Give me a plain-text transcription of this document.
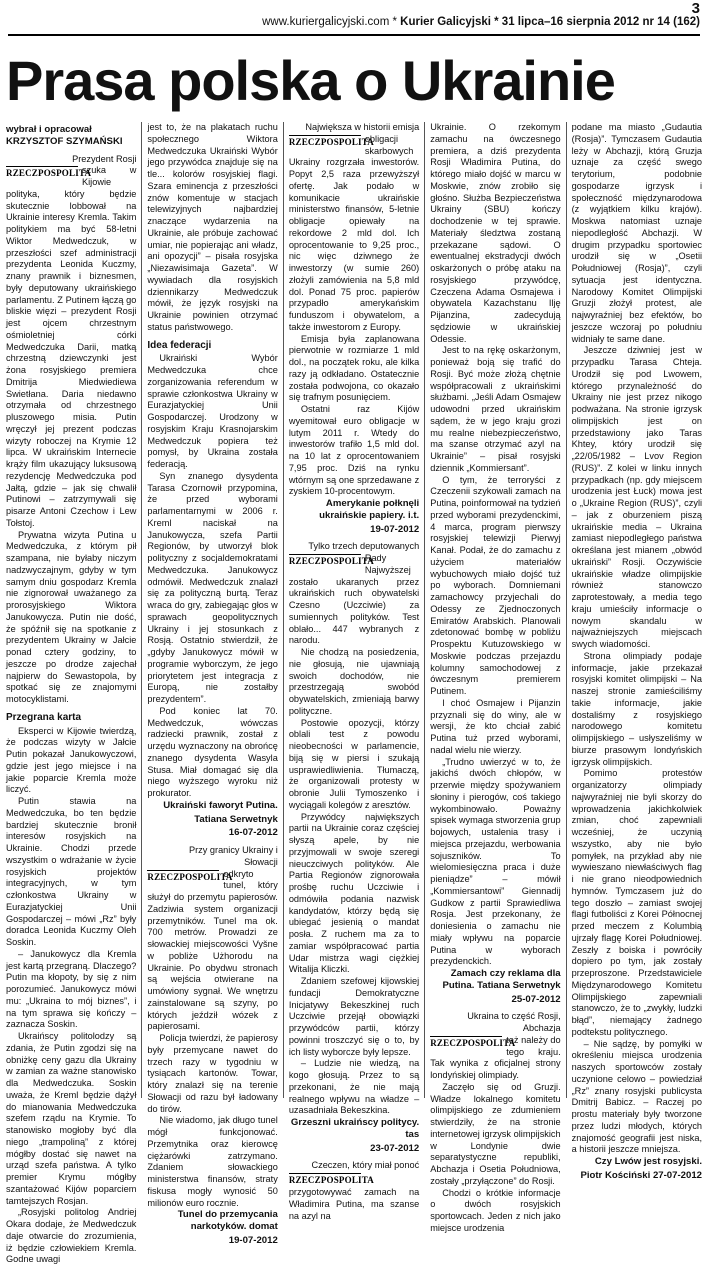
3
www.kuriergalicyjski.com * Kurier Galicyjski * 31 lipca–16 sierpnia 2012 nr 14 (162)
Prasa polska o Ukrainie
wybrał i opracował
KRZYSZTOF SZYMAŃSKI

Prezydent Rosji

RZECZPOSPOLITA

szuka w Kijowie polityka, który będzie skutecznie lobbował na Ukrainie interesy Kremla. Takim politykiem ma być 58-letni Wiktor Medwedczuk, w przeszłości szef administracji prezydenta Leonida Kuczmy, znany prawnik i biznesmen, były deputowany ukraińskiego parlamentu. Z Putinem łączą go bliskie więzi – prezydent Rosji jest ojcem chrzestnym ośmioletniej córki Medwedczuka Darii, matką chrzestną dziewczynki jest żona rosyjskiego premiera Dmitrija Miedwiediewa Swietłana. Daria niedawno otrzymała od chrzestnego pluszowego misia. Putin wręczył jej prezent podczas wizyty roboczej na Krymie 12 lipca. W ukraińskim Internecie krąży film ukazujący luksusową rezydencję Medwedczuka pod Jałtą, gdzie – jak się chwalił Putinowi – zatrzymywali się pisarze Antoni Czechow i Lew Tołstoj.

Prywatna wizyta Putina u Medwedczuka, z którym pił szampana, nie byłaby niczym nadzwyczajnym, gdyby w tym samym dniu gospodarz Kremla nie zignorował uważanego za prorosyjskiego Wiktora Janukowycza. Putin nie dość, że spóźnił się na spotkanie z prezydentem Ukrainy w Jałcie ponad cztery godziny, to jeszcze po drodze zajechał najpierw do Sewastopola, by spotkać się ze znajomymi motocyklistami.

Przegrana karta

Eksperci w Kijowie twierdzą, że podczas wizyty w Jałcie Putin pokazał Janukowyczowi, gdzie jest jego miejsce i na jakie poparcie Kremla może liczyć.

Putin stawia na Medwedczuka, bo ten będzie bardziej skutecznie bronił interesów rosyjskich na Ukrainie. Chodzi przede wszystkim o wdrażanie w życie rosyjskich projektów integracyjnych, w tym członkostwa Ukrainy w Eurazjatyckiej Unii Gospodarczej – mówi „Rz” były doradca Leonida Kuczmy Oleh Soskin.

– Janukowycz dla Kremla jest kartą przegraną. Dlaczego? Putin ma kłopoty, by się z nim porozumieć. Janukowycz mówi mu: „Ukraina to mój biznes”, i na tym sprawa się kończy – zaznacza Soskin.

Ukraińscy politolodzy są zdania, że Putin zgodzi się na obniżkę ceny gazu dla Ukrainy w zamian za ważne stanowisko dla Medwedczuka. Soskin uważa, że Kreml będzie dążył do mianowania Medwedczuka szefem rządu na Krymie. To stanowisko mogłoby być dla niego „trampoliną” z której mógłby dostać się nawet na urząd szefa państwa. A tylko premier Krymu mógłby szantażować Kijów poparciem tamtejszych Rosjan.

„Rosyjski politolog Andriej Okara dodaje, że Medwedczuk daje otwarcie do zrozumienia, iż będzie człowiekiem Kremla. Godne uwagi

jest to, że na plakatach ruchu społecznego Wiktora Medwedczuka Ukraiński Wybór jego przywódca znajduje się na tle... kolorów rosyjskiej flagi. Szara eminencja z przeszłości znów komentuje w stacjach telewizyjnych najbardziej znaczące wydarzenia na Ukrainie, ale próbuje zachować umiar, nie popierając ani władz, ani opozycji” – pisała rosyjska „Niezawisimaja Gazeta”. W wywiadach dla rosyjskich dziennikarzy Medwedczuk mówił, że język rosyjski na Ukrainie powinien otrzymać status państwowego.

Idea federacji

Ukraiński Wybór Medwedczuka chce zorganizowania referendum w sprawie członkostwa Ukrainy w Eurazjatyckiej Unii Gospodarczej. Urodzony w rosyjskim Kraju Krasnojarskim Medwedczuk popiera też pomysł, by Ukraina została federacją.

Syn znanego dysydenta Tarasa Czornowił przypomina, że przed wyborami parlamentarnymi w 2006 r. Kreml naciskał na Janukowycza, szefa Partii Regionów, by utworzył blok polityczny z socjaldemokratami Medwedczuka. Janukowycz odmówił. Medwedczuk znalazł się za polityczną burtą. Teraz wraca do gry, zabiegając głos w sprawach geopolitycznych Ukrainy i jej stosunkach z Rosją. Ostatnio stwierdził, że „gdyby Janukowycz mówił w programie wyborczym, że jego priorytetem jest integracja z Europą, nie zostałby prezydentem”.

Pod koniec lat 70. Medwedczuk, wówczas radziecki prawnik, został z urzędu wyznaczony na obrońcę znanego dysydenta Wasyla Stusa. Miał domagać się dla niego wyższego wyroku niż prokurator.

Ukraiński faworyt Putina.
Tatiana Serwetnyk
16-07-2012

Przy granicy Ukrainy i Słowacji

RZECZPOSPOLITA

odkryto tunel, który służył do przemytu papierosów. Zadziwia system organizacji przemytników. Tunel ma ok. 700 metrów. Prowadzi ze słowackiej miejscowości Vyšne w pobliże Użhorodu na Ukrainie. Po obydwu stronach są wejścia otwierane na umówiony sygnał. We wnętrzu zainstalowane są szyny, po których jeździł wózek z papierosami.

Policja twierdzi, że papierosy były przemycane nawet do trzech razy w tygodniu w tysiącach kartonów. Towar, który znalazł się na terenie Słowacji od razu był ładowany do tirów.

Nie wiadomo, jak długo tunel mógł funkcjonować. Przemytnika oraz kierowcę ciężarówki zatrzymano. Zdaniem słowackiego ministerstwa finansów, straty fiskusa mogły wynosić 50 milionów euro rocznie.

Tunel do przemycania narkotyków. domat
19-07-2012

Największa w historii emisja

RZECZPOSPOLITA

obligacji skarbowych Ukrainy rozgrzała inwestorów. Popyt 2,5 raza przewyższył ofertę. Jak podało w komunikacie ukraińskie ministerstwo finansów, 5-letnie obligacje opiewały na rekordowe 2 mld dol. Ich oprocentowanie to 9,25 proc., nic więc dziwnego że inwestorzy (w sumie 260) złożyli zamówienia na 5,8 mld dol. Ponad 75 proc. papierów przypadło amerykańskim funduszom i obywatelom, a także inwestorom z Europy.

Emisja była zaplanowana pierwotnie w rozmiarze 1 mld dol., na początek roku, ale kilka razy ją odkładano. Ostatecznie została podwojona, co okazało się trafnym posunięciem.

Ostatni raz Kijów wyemitował euro obligacje w lutym 2011 r. Wtedy do inwestorów trafiło 1,5 mld dol. na 10 lat z oprocentowaniem 7,95 proc. Dziś na rynku wtórnym są one sprzedawane z zyskiem 10-procentowym.

Amerykanie połknęli ukraińskie papiery. i.t.
19-07-2012

Tylko trzech deputowanych

RZECZPOSPOLITA

Rady Najwyższej zostało ukaranych przez ukraińskich ruch obywatelski Czesno (Uczciwie) za sumiennych polityków. Test oblało... 447 wybranych z narodu.

Nie chodzą na posiedzenia, nie głosują, nie ujawniają swoich dochodów, nie przestrzegają swobód obywatelskich, zmieniają barwy polityczne.

Postowie opozycji, którzy oblali test z powodu nieobecności w parlamencie, biją się w piersi i szukają usprawiedliwienia. Tłumaczą, że organizowali protesty w obronie Julii Tymoszenko i wyciągali kolegów z aresztów.

Przywódcy największych partii na Ukrainie coraz częściej słyszą apele, by nie przyjmowali w swoje szeregi nieuczciwych polityków. Ale Partia Regionów zignorowała prośbę ruchu Uczciwie i odmówiła podania nazwisk kandydatów, którzy będą się ubiegać jesienią o mandat posła. Z ruchem ma za to zamiar współpracować partia Udar mistrza wagi ciężkiej Witalija Kliczki.

Zdaniem szefowej kijowskiej fundacji Demokratyczne Inicjatywy Bekeszkinej ruch Uczciwie przejął obowiązki przywódców partii, którzy powinni troszczyć się o to, by ich listy wyborcze były lepsze.

– Ludzie nie wiedzą, na kogo głosują. Przez to są przekonani, że nie mają realnego wpływu na władze – uzasadniała Bekeszkina.

Grzeszni ukraińscy politycy. tas
23-07-2012

Czeczen, który miał ponoć

RZECZPOSPOLITA

przygotowywać zamach na Władimira Putina, ma szanse na azyl na

Ukrainie. O rzekomym zamachu na ówczesnego premiera, a dziś prezydenta Rosji Władimira Putina, do którego miało dojść w marcu w Moskwie, znów zrobiło się głośno. Służba Bezpieczeństwa Ukrainy (SBU) kończy dochodzenie w tej sprawie. Materiały śledztwa zostaną przekazane sądowi. O ewentualnej ekstradycji dwóch oskarżonych o próbę ataku na rosyjskiego przywódcę, Czeczena Adama Osmajewa i obywatela Kazachstanu Ilję Pijanzina, zadecydują sędziowie w ukraińskiej Odessie.

Jest to na rękę oskarżonym, ponieważ boją się trafić do Rosji. Być może złożą chętnie współpracowali z ukraińskimi służbami. „Jeśli Adam Osmajew udowodni przed ukraińskim sądem, że w jego kraju grozi mu realne niebezpieczeństwo, ma szanse otrzymać azyl na Ukrainie” – pisał rosyjski dziennik „Kommiersant”.

O tym, że terroryści z Czeczenii szykowali zamach na Putina, poinformował na tydzień przed wyborami prezydenckimi, 4 marca, program pierwszy rosyjskiej telewizji Pierwyj Kanał. Podał, że do zamachu z użyciem materiałów wybuchowych miało dojść tuż po wyborach. Domniemani zamachowcy przyjechali do Odessy ze Zjednoczonych Emiratów Arabskich. Planowali zdetonować bombę w pobliżu Prospektu Kutuzowskiego w Moskwie podczas przejazdu kolumny samochodowej z ówczesnym premierem Putinem.

I choć Osmajew i Pijanzin przyznali się do winy, ale w wersji, że kto chciał zabić Putina tuż przed wyborami, nadal wielu nie wierzy.

„Trudno uwierzyć w to, że jakichś dwóch chłopów, w przerwie między spożywaniem słoniny i pierogów, coś takiego wykombinowało. Poważny spisek wymaga stworzenia grup bojowych, ustalenia trasy i miejsca przejazdu, werbowania sojuszników. To wielomiesięczna praca i duże pieniądze” – mówił „Kommiersantowi” Giennadij Gudkow z partii Sprawiedliwa Rosja. Jest przekonany, że doniesienia o zamachu nie miały wpływu na poparcie Putina w wyborach prezydenckich.

Zamach czy reklama dla Putina. Tatiana Serwetnyk
25-07-2012

Ukraina to część Rosji, Abchazja

RZECZPOSPOLITA

też należy do tego kraju. Tak wynika z oficjalnej strony londyńskiej olimpiady.

Zaczęło się od Gruzji. Władze lokalnego komitetu olimpijskiego ze zdumieniem stwierdziły, że na stronie internetowej igrzysk olimpijskich w Londynie dwie separatystyczne republiki, Abchazja i Osetia Południowa, zostały „przyłączone” do Rosji.

Chodzi o krótkie informacje o dwóch rosyjskich sportowcach. Jeden z nich jako miejsce urodzenia

podane ma miasto „Gudautia (Rosja)”. Tymczasem Gudautia leży w Abchazji, którą Gruzja uznaje za część swego terytorium, podobnie gospodarze igrzysk i społeczność międzynarodowa (z wyjątkiem kilku krajów). Moskwa natomiast uznaje niepodległość Abchazji. W drugim przypadku sportowiec urodził się w „Osetii Południowej (Rosja)”, czyli sytuacja jest identyczna. Narodowy Komitet Olimpijski Gruzji złożył protest, ale najwyraźniej bez efektów, bo jeszcze wczoraj po południu widniały te same dane.

Jeszcze dziwniej jest w przypadku Tarasa Chteja. Urodził się pod Lwowem, którego przynależność do Ukrainy nie jest przez nikogo podważana. Na stronie igrzysk olimpijskich jest on przedstawiony jako Taras Khtey, który urodził się „22/05/1982 – Lvov Region (RUS)”. Z kolei w linku innych przypadkach (np. gdy miejscem urodzenia jest Łuck) mowa jest o „Ukraine Region (RUS)”, czyli – jak z oburzeniem piszą ukraińskie media – Ukraina zamiast niepodległego państwa określana jest mianem „obwód ukraiński” Rosji. Oczywiście ukraińskie władze olimpijskie również stanowczo zaprotestowały, a media tego kraju umieściły informacje o nowym skandalu w najważniejszych miejscach swych wiadomości.

Strona olimpiady podaje informacje, jakie przekazał rosyjski komitet olimpijski – Na naszej stronie zamieściliśmy takie informacje, jakie dostaliśmy z rosyjskiego narodowego komitetu olimpijskiego – usłyszeliśmy w biurze prasowym londyńskich igrzysk olimpijskich.

Pomimo protestów organizatorzy olimpiady najwyraźniej nie byli skorzy do wprowadzenia jakichkolwiek zmian, choć zapewniali wcześniej, że uczynią wszystko, aby nie było pomyłek, na przykład aby nie wywieszano niewłaściwych flag i nie grano nieodpowiednich hymnów. Tymczasem już do tego doszło – zamiast swojej flagi futboliści z Korei Północnej przed meczem z Kolumbią ujrzały flagę Korei Południowej. Zeszły z boiska i powróciły dopiero po tym, jak zostały przeproszone. Przedstawiciele Międzynarodowego Komitetu Olimpijskiego zapewniali stanowczo, że to „zwykły, ludzki błąd”, niemający żadnego podtekstu politycznego.

– Nie sądzę, by pomyłki w określeniu miejsca urodzenia naszych sportowców zostały uczynione celowo – powiedział „Rz” znany rosyjski publicysta Dmitrij Babicz. – Raczej po prostu materiały były tworzone przez ludzi młodych, których znajomość geografii jest niska, a historii jeszcze mniejsza.

Czy Lwów jest rosyjski.
Piotr Kościński 27-07-2012
